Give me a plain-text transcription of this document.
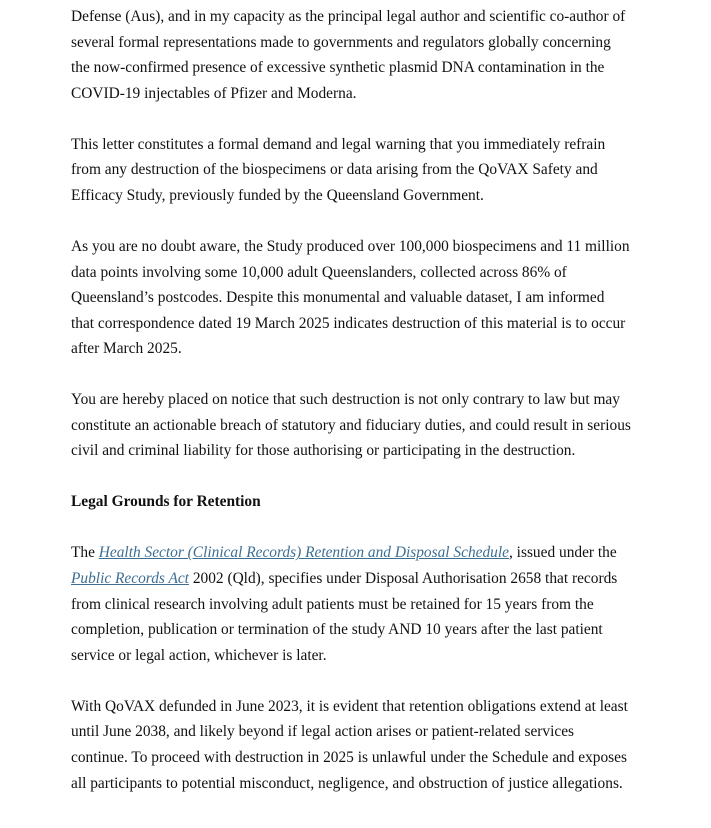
Defense (Aus), and in my capacity as the principal legal author and scientific co-author of several formal representations made to governments and regulators globally concerning the now-confirmed presence of excessive synthetic plasmid DNA contamination in the COVID-19 injectables of Pfizer and Moderna.

This letter constitutes a formal demand and legal warning that you immediately refrain from any destruction of the biospecimens or data arising from the QoVAX Safety and Efficacy Study, previously funded by the Queensland Government.

As you are no doubt aware, the Study produced over 100,000 biospecimens and 11 million data points involving some 10,000 adult Queenslanders, collected across 86% of Queensland’s postcodes. Despite this monumental and valuable dataset, I am informed that correspondence dated 19 March 2025 indicates destruction of this material is to occur after March 2025.

You are hereby placed on notice that such destruction is not only contrary to law but may constitute an actionable breach of statutory and fiduciary duties, and could result in serious civil and criminal liability for those authorising or participating in the destruction.

Legal Grounds for Retention

The Health Sector (Clinical Records) Retention and Disposal Schedule, issued under the Public Records Act 2002 (Qld), specifies under Disposal Authorisation 2658 that records from clinical research involving adult patients must be retained for 15 years from the completion, publication or termination of the study AND 10 years after the last patient service or legal action, whichever is later.

With QoVAX defunded in June 2023, it is evident that retention obligations extend at least until June 2038, and likely beyond if legal action arises or patient-related services continue. To proceed with destruction in 2025 is unlawful under the Schedule and exposes all participants to potential misconduct, negligence, and obstruction of justice allegations.
